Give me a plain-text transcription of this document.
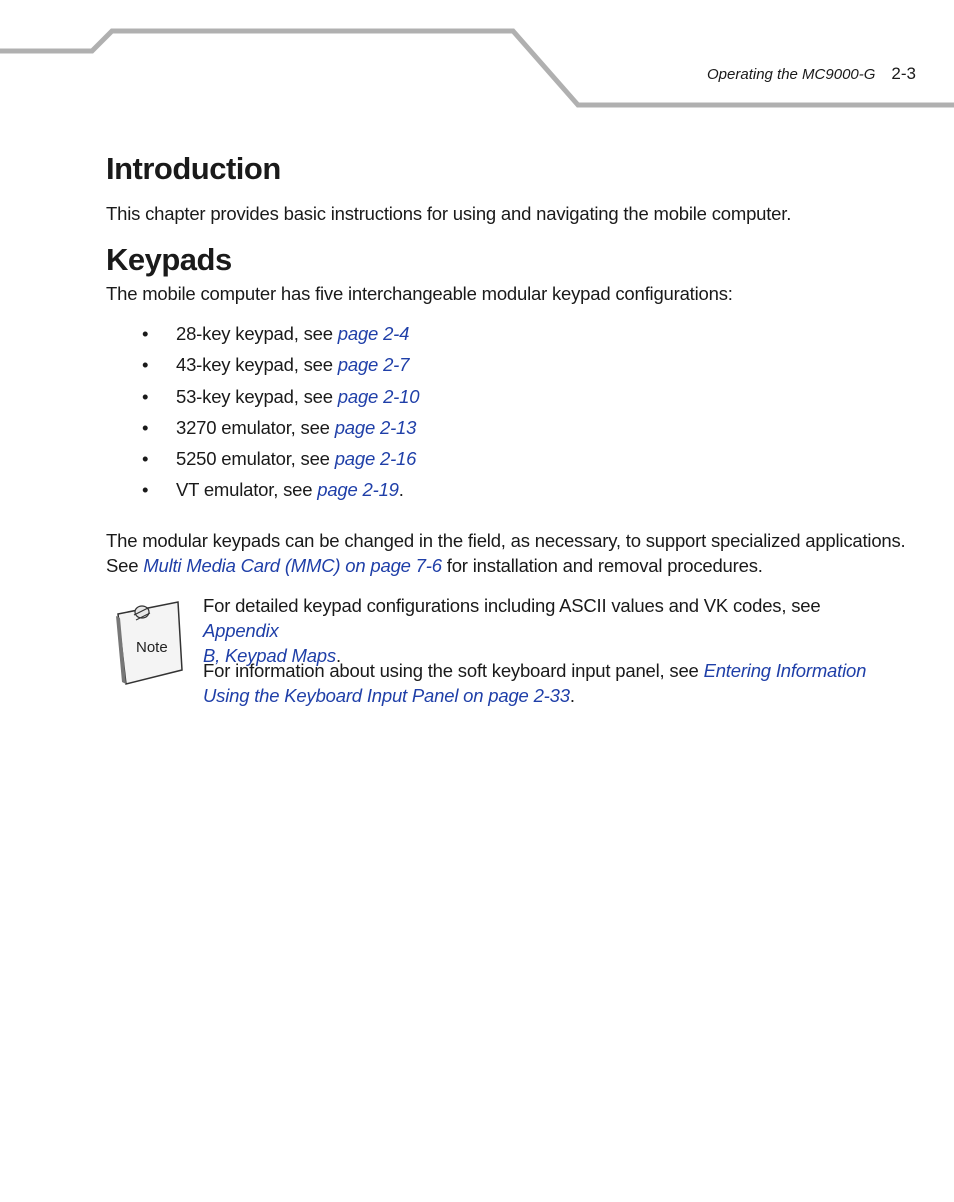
Operating the MC9000-G 2-3
Introduction

This chapter provides basic instructions for using and navigating the mobile computer.

Keypads

The mobile computer has five interchangeable modular keypad configurations:

• 28-key keypad, see page 2-4
• 43-key keypad, see page 2-7
• 53-key keypad, see page 2-10
• 3270 emulator, see page 2-13
• 5250 emulator, see page 2-16
• VT emulator, see page 2-19.

The modular keypads can be changed in the field, as necessary, to support specialized applications.
See Multi Media Card (MMC) on page 7-6 for installation and removal procedures.

Note

For detailed keypad configurations including ASCII values and VK codes, see Appendix
B, Keypad Maps.

For information about using the soft keyboard input panel, see Entering Information
Using the Keyboard Input Panel on page 2-33.
